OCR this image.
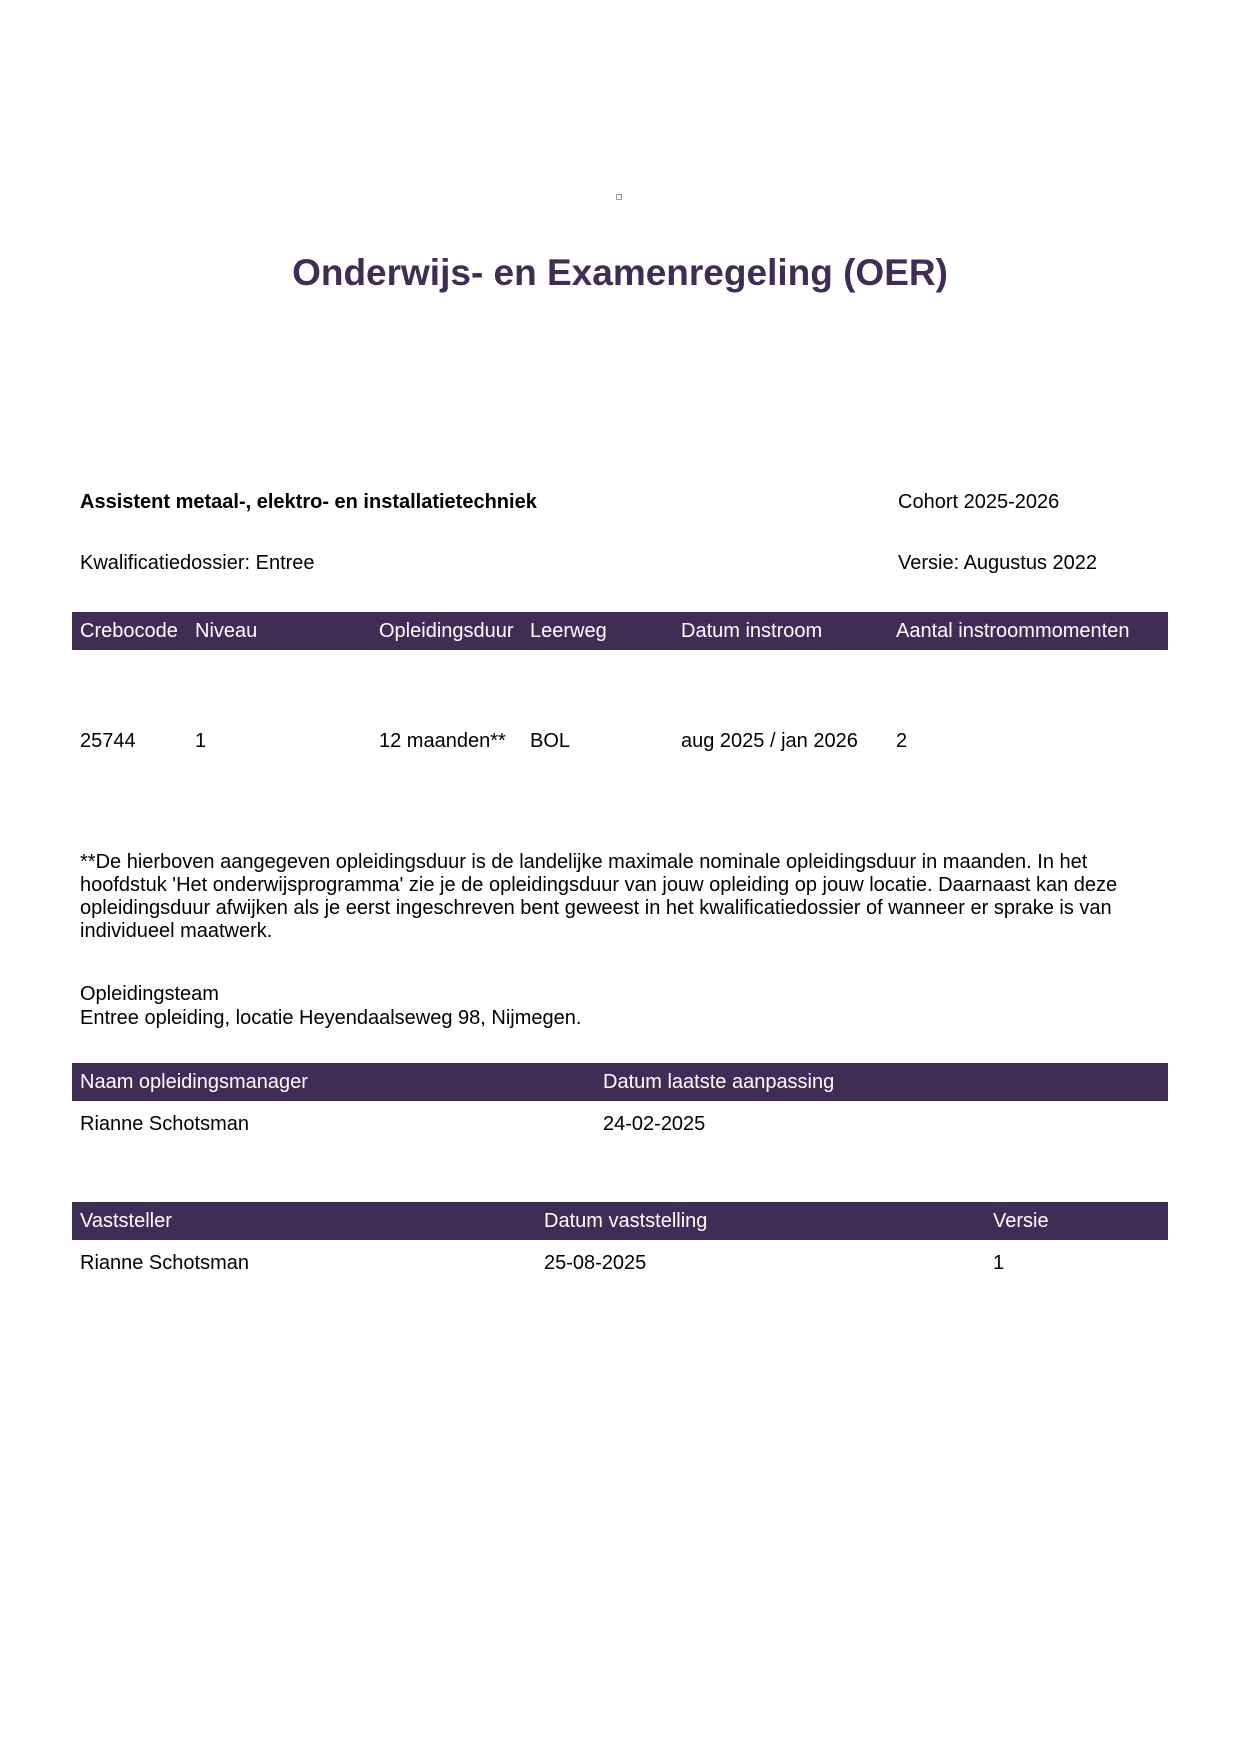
Onderwijs- en Examenregeling (OER)
Assistent metaal-, elektro- en installatietechniek	Cohort 2025-2026
Kwalificatiedossier: Entree	Versie: Augustus 2022
Crebocode	Niveau	Opleidingsduur	Leerweg	Datum instroom	Aantal instroommomenten
25744	1	12 maanden**	BOL	aug 2025 / jan 2026	2

**De hierboven aangegeven opleidingsduur is de landelijke maximale nominale opleidingsduur in maanden. In het hoofdstuk 'Het onderwijsprogramma' zie je de opleidingsduur van jouw opleiding op jouw locatie. Daarnaast kan deze opleidingsduur afwijken als je eerst ingeschreven bent geweest in het kwalificatiedossier of wanneer er sprake is van individueel maatwerk.

Opleidingsteam
Entree opleiding, locatie Heyendaalseweg 98, Nijmegen.
Naam opleidingsmanager	Datum laatste aanpassing
Rianne Schotsman	24-02-2025
Vaststeller	Datum vaststelling	Versie
Rianne Schotsman	25-08-2025	1
